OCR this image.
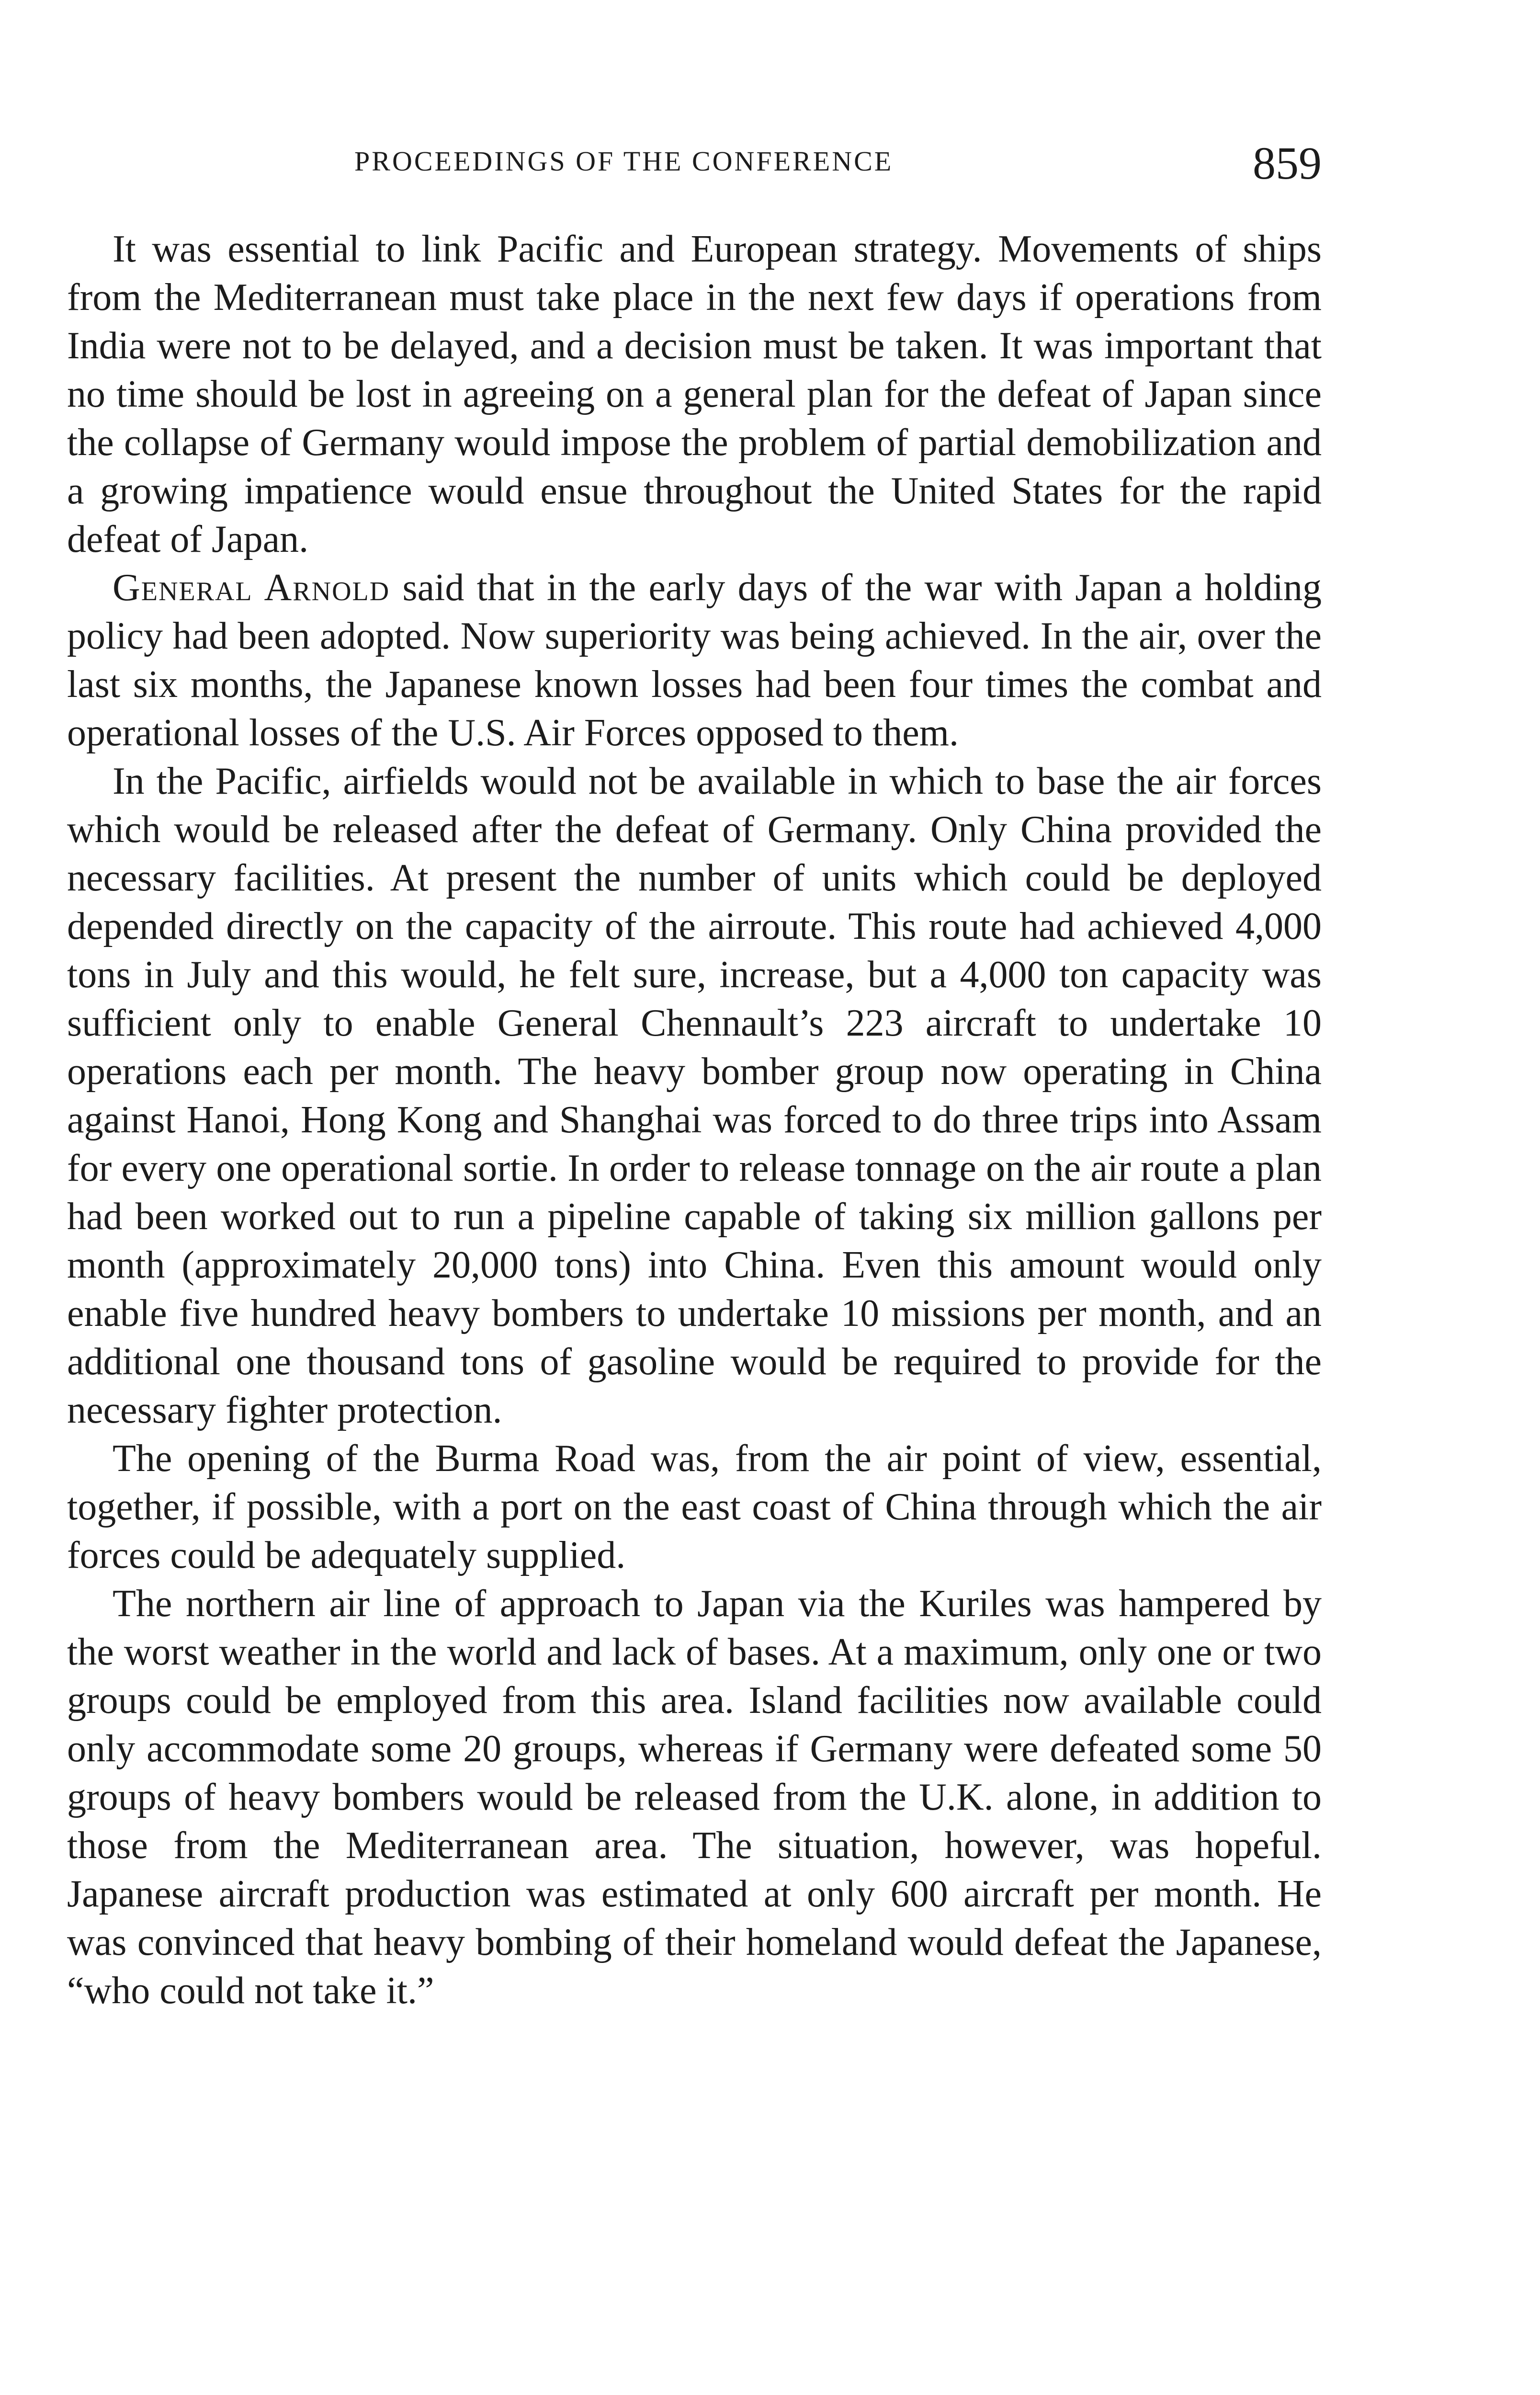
PROCEEDINGS OF THE CONFERENCE	859

It was essential to link Pacific and European strategy. Movements of ships from the Mediterranean must take place in the next few days if operations from India were not to be delayed, and a decision must be taken. It was important that no time should be lost in agreeing on a general plan for the defeat of Japan since the collapse of Germany would impose the problem of partial demobilization and a growing impatience would ensue throughout the United States for the rapid defeat of Japan.

General Arnold said that in the early days of the war with Japan a holding policy had been adopted. Now superiority was being achieved. In the air, over the last six months, the Japanese known losses had been four times the combat and operational losses of the U.S. Air Forces opposed to them.

In the Pacific, airfields would not be available in which to base the air forces which would be released after the defeat of Germany. Only China provided the necessary facilities. At present the number of units which could be deployed depended directly on the capacity of the airroute. This route had achieved 4,000 tons in July and this would, he felt sure, increase, but a 4,000 ton capacity was sufficient only to enable General Chennault’s 223 aircraft to undertake 10 operations each per month. The heavy bomber group now operating in China against Hanoi, Hong Kong and Shanghai was forced to do three trips into Assam for every one operational sortie. In order to release tonnage on the air route a plan had been worked out to run a pipeline capable of taking six million gallons per month (approximately 20,000 tons) into China. Even this amount would only enable five hundred heavy bombers to undertake 10 missions per month, and an additional one thousand tons of gasoline would be required to provide for the necessary fighter protection.

The opening of the Burma Road was, from the air point of view, essential, together, if possible, with a port on the east coast of China through which the air forces could be adequately supplied.

The northern air line of approach to Japan via the Kuriles was hampered by the worst weather in the world and lack of bases. At a maximum, only one or two groups could be employed from this area. Island facilities now available could only accommodate some 20 groups, whereas if Germany were defeated some 50 groups of heavy bombers would be released from the U.K. alone, in addition to those from the Mediterranean area. The situation, however, was hopeful. Japanese aircraft production was estimated at only 600 aircraft per month. He was convinced that heavy bombing of their homeland would defeat the Japanese, “who could not take it.”
